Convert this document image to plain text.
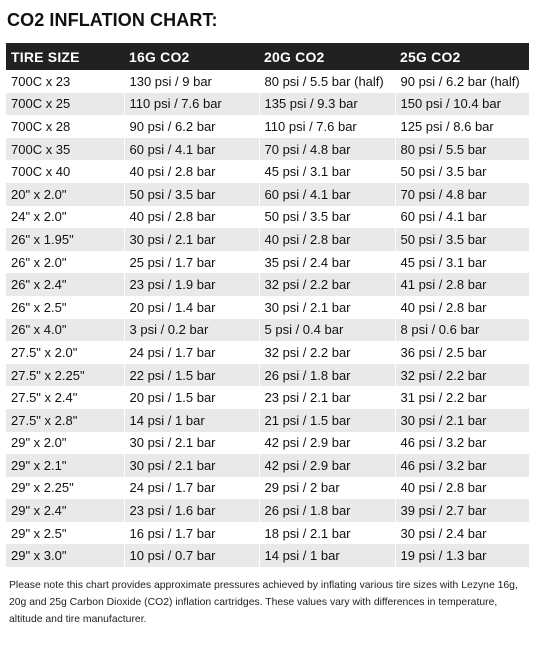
CO2 INFLATION CHART:
TIRE SIZE	16G CO2	20G CO2	25G CO2
700C x 23	130 psi / 9 bar	80 psi / 5.5 bar (half)	90 psi / 6.2 bar (half)
700C x 25	110 psi / 7.6 bar	135 psi / 9.3 bar	150 psi / 10.4 bar
700C x 28	90 psi / 6.2 bar	110 psi / 7.6 bar	125 psi / 8.6 bar
700C x 35	60 psi / 4.1 bar	70 psi / 4.8 bar	80 psi / 5.5 bar
700C x 40	40 psi / 2.8 bar	45 psi / 3.1 bar	50 psi / 3.5 bar
20" x 2.0"	50 psi / 3.5 bar	60 psi / 4.1 bar	70 psi / 4.8 bar
24" x 2.0"	40 psi / 2.8 bar	50 psi / 3.5 bar	60 psi / 4.1 bar
26" x 1.95"	30 psi / 2.1 bar	40 psi / 2.8 bar	50 psi / 3.5 bar
26" x 2.0"	25 psi / 1.7 bar	35 psi / 2.4 bar	45 psi / 3.1 bar
26" x 2.4"	23 psi / 1.9 bar	32 psi / 2.2 bar	41 psi / 2.8 bar
26" x 2.5"	20 psi / 1.4 bar	30 psi / 2.1 bar	40 psi / 2.8 bar
26" x 4.0"	3 psi / 0.2 bar	5 psi / 0.4 bar	8 psi / 0.6 bar
27.5" x 2.0"	24 psi / 1.7 bar	32 psi / 2.2 bar	36 psi / 2.5 bar
27.5" x 2.25"	22 psi / 1.5 bar	26 psi / 1.8 bar	32 psi / 2.2 bar
27.5" x 2.4"	20 psi / 1.5 bar	23 psi / 2.1 bar	31 psi / 2.2 bar
27.5" x 2.8"	14 psi / 1 bar	21 psi / 1.5 bar	30 psi / 2.1 bar
29" x 2.0"	30 psi / 2.1 bar	42 psi / 2.9 bar	46 psi / 3.2 bar
29" x 2.1"	30 psi / 2.1 bar	42 psi / 2.9 bar	46 psi / 3.2 bar
29" x 2.25"	24 psi / 1.7 bar	29 psi / 2 bar	40 psi / 2.8 bar
29" x 2.4"	23 psi / 1.6 bar	26 psi / 1.8 bar	39 psi / 2.7 bar
29" x 2.5"	16 psi / 1.7 bar	18 psi / 2.1 bar	30 psi / 2.4 bar
29" x 3.0"	10 psi / 0.7 bar	14 psi / 1 bar	19 psi / 1.3 bar
Please note this chart provides approximate pressures achieved by inflating various tire sizes with Lezyne 16g, 20g and 25g Carbon Dioxide (CO2) inflation cartridges. These values vary with differences in temperature, altitude and tire manufacturer.
